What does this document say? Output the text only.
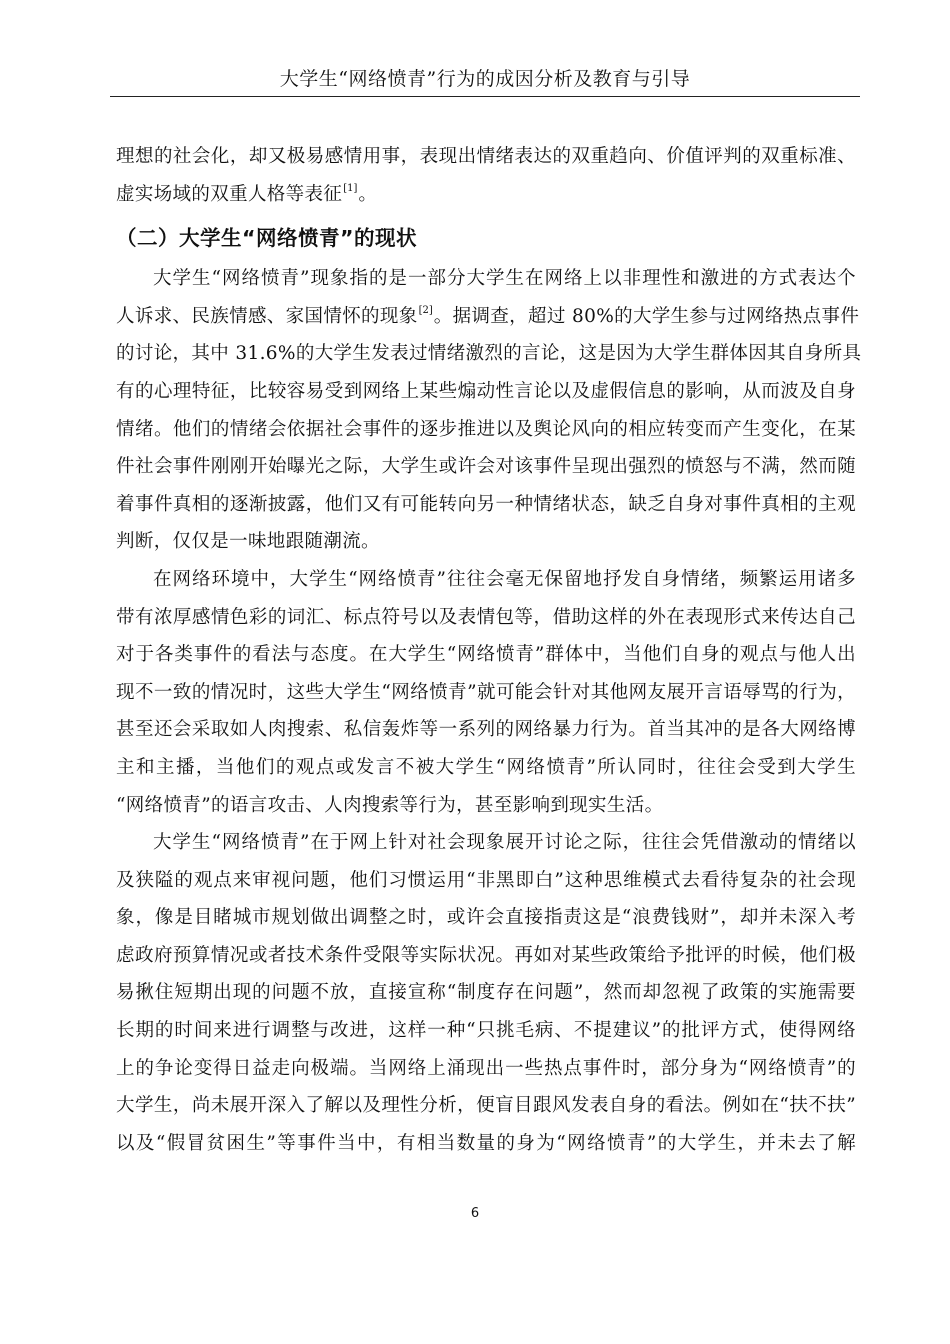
大学生“网络愤青”行为的成因分析及教育与引导
理想的社会化，却又极易感情用事，表现出情绪表达的双重趋向、价值评判的双重标准、
虚实场域的双重人格等表征[1]。
（二）大学生“网络愤青”的现状
大学生“网络愤青”现象指的是一部分大学生在网络上以非理性和激进的方式表达个
人诉求、民族情感、家国情怀的现象[2]。据调查，超过 80%的大学生参与过网络热点事件
的讨论，其中 31.6%的大学生发表过情绪激烈的言论，这是因为大学生群体因其自身所具
有的心理特征，比较容易受到网络上某些煽动性言论以及虚假信息的影响，从而波及自身
情绪。他们的情绪会依据社会事件的逐步推进以及舆论风向的相应转变而产生变化，在某
件社会事件刚刚开始曝光之际，大学生或许会对该事件呈现出强烈的愤怒与不满，然而随
着事件真相的逐渐披露，他们又有可能转向另一种情绪状态，缺乏自身对事件真相的主观
判断，仅仅是一味地跟随潮流。
在网络环境中，大学生“网络愤青”往往会毫无保留地抒发自身情绪，频繁运用诸多
带有浓厚感情色彩的词汇、标点符号以及表情包等，借助这样的外在表现形式来传达自己
对于各类事件的看法与态度。在大学生“网络愤青”群体中，当他们自身的观点与他人出
现不一致的情况时，这些大学生“网络愤青”就可能会针对其他网友展开言语辱骂的行为，
甚至还会采取如人肉搜索、私信轰炸等一系列的网络暴力行为。首当其冲的是各大网络博
主和主播，当他们的观点或发言不被大学生“网络愤青”所认同时，往往会受到大学生
“网络愤青”的语言攻击、人肉搜索等行为，甚至影响到现实生活。
大学生“网络愤青”在于网上针对社会现象展开讨论之际，往往会凭借激动的情绪以
及狭隘的观点来审视问题，他们习惯运用“非黑即白”这种思维模式去看待复杂的社会现
象，像是目睹城市规划做出调整之时，或许会直接指责这是“浪费钱财”，却并未深入考
虑政府预算情况或者技术条件受限等实际状况。再如对某些政策给予批评的时候，他们极
易揪住短期出现的问题不放，直接宣称“制度存在问题”，然而却忽视了政策的实施需要
长期的时间来进行调整与改进，这样一种“只挑毛病、不提建议”的批评方式，使得网络
上的争论变得日益走向极端。当网络上涌现出一些热点事件时，部分身为“网络愤青”的
大学生，尚未展开深入了解以及理性分析，便盲目跟风发表自身的看法。例如在“扶不扶”
以及“假冒贫困生”等事件当中，有相当数量的身为“网络愤青”的大学生，并未去了解
6
